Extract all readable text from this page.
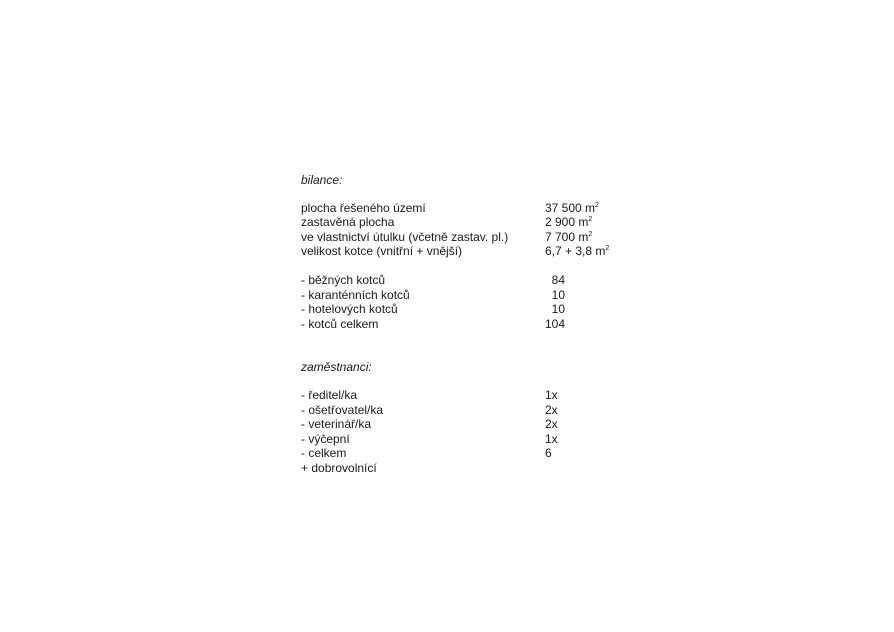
bilance:
plocha řešeného území	37 500 $m^2$
zastavěná plocha	2 900 $m^2$
ve vlastnictví útulku (včetně zastav. pl.)	7 700 $m^2$
velikost kotce (vnitřní + vnější)	6,7 + 3,8 $m^2$
- běžných kotců	84
- karanténních kotců	10
- hotelových kotců	10
- kotců celkem	104
zaměstnanci:
- ředitel/ka	1x
- ošetřovatel/ka	2x
- veterinář/ka	2x
- výčepní	1x
- celkem	6
+ dobrovolnící
